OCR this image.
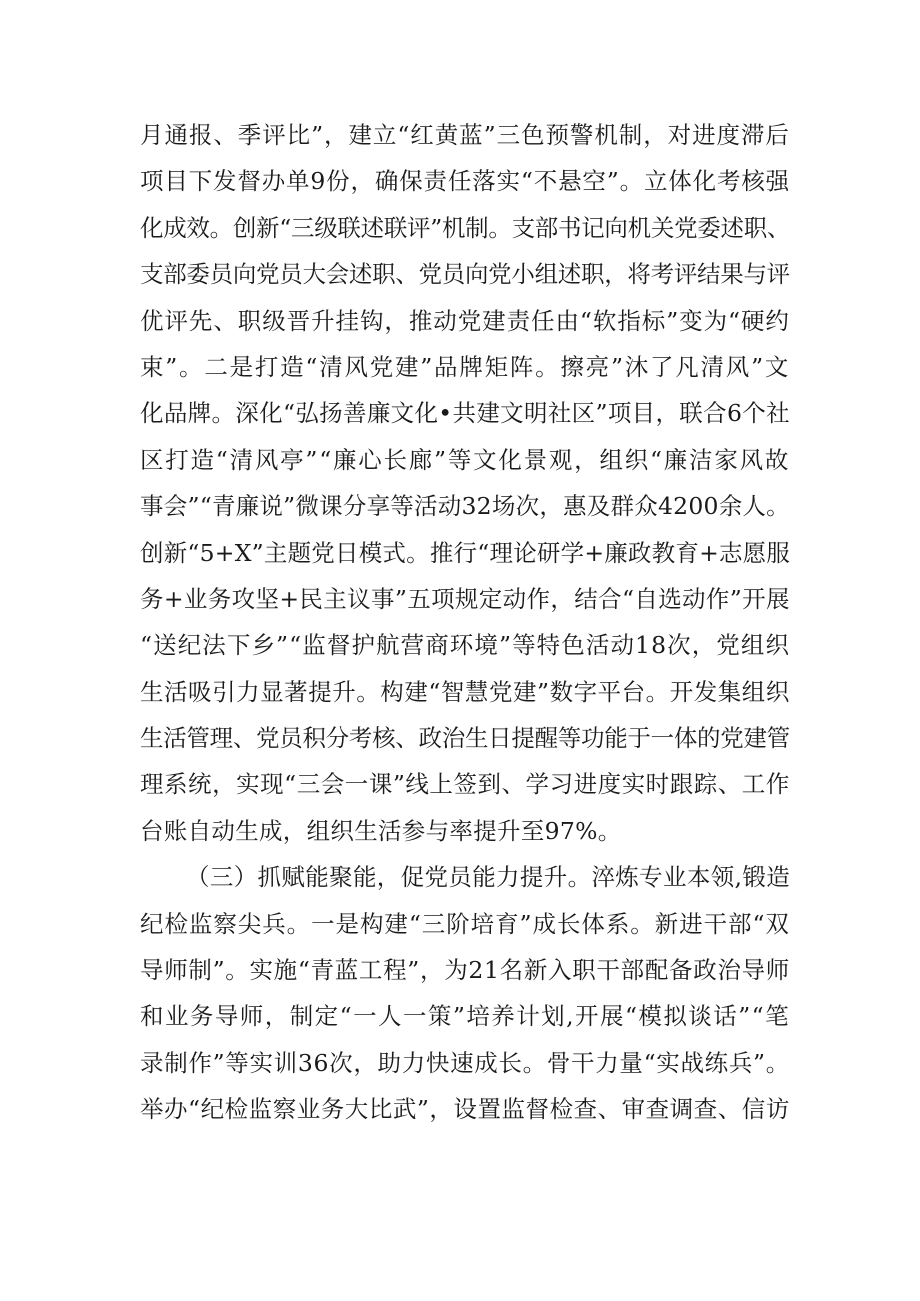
月通报、季评比”，建立“红黄蓝”三色预警机制，对进度滞后
项目下发督办单9份，确保责任落实“不悬空”。立体化考核强
化成效。创新“三级联述联评”机制。支部书记向机关党委述职、
支部委员向党员大会述职、党员向党小组述职，将考评结果与评
优评先、职级晋升挂钩，推动党建责任由“软指标”变为“硬约
束”。二是打造“清风党建”品牌矩阵。擦亮”沐了凡清风”文
化品牌。深化“弘扬善廉文化•共建文明社区”项目，联合6个社
区打造“清风亭”“廉心长廊”等文化景观，组织“廉洁家风故
事会”“青廉说”微课分享等活动32场次，惠及群众4200余人。
创新“5+X”主题党日模式。推行“理论研学+廉政教育+志愿服
务+业务攻坚+民主议事”五项规定动作，结合“自选动作”开展
“送纪法下乡”“监督护航营商环境”等特色活动18次，党组织
生活吸引力显著提升。构建“智慧党建”数字平台。开发集组织
生活管理、党员积分考核、政治生日提醒等功能于一体的党建管
理系统，实现“三会一课”线上签到、学习进度实时跟踪、工作
台账自动生成，组织生活参与率提升至97%。
（三）抓赋能聚能，促党员能力提升。淬炼专业本领,锻造
纪检监察尖兵。一是构建“三阶培育”成长体系。新进干部“双
导师制”。实施“青蓝工程”，为21名新入职干部配备政治导师
和业务导师，制定“一人一策”培养计划,开展“模拟谈话”“笔
录制作”等实训36次，助力快速成长。骨干力量“实战练兵”。
举办“纪检监察业务大比武”，设置监督检查、审查调查、信访
